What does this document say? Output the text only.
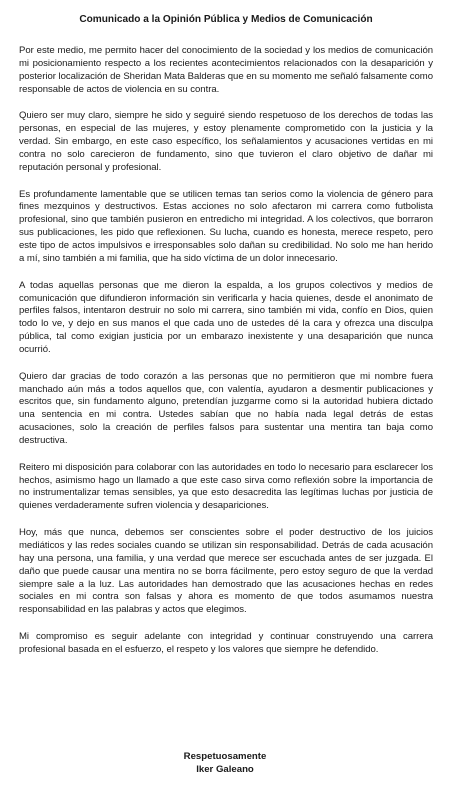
Comunicado a la Opinión Pública y Medios de Comunicación

Por este medio, me permito hacer del conocimiento de la sociedad y los medios de comunicación mi posicionamiento respecto a los recientes acontecimientos relacionados con la desaparición y posterior localización de Sheridan Mata Balderas que en su momento me señaló falsamente como responsable de actos de violencia en su contra.

Quiero ser muy claro, siempre he sido y seguiré siendo respetuoso de los derechos de todas las personas, en especial de las mujeres, y estoy plenamente comprometido con la justicia y la verdad. Sin embargo, en este caso específico, los señalamientos y acusaciones vertidas en mi contra no solo carecieron de fundamento, sino que tuvieron el claro objetivo de dañar mi reputación personal y profesional.

Es profundamente lamentable que se utilicen temas tan serios como la violencia de género para fines mezquinos y destructivos. Estas acciones no solo afectaron mi carrera como futbolista profesional, sino que también pusieron en entredicho mi integridad. A los colectivos, que borraron sus publicaciones, les pido que reflexionen. Su lucha, cuando es honesta, merece respeto, pero este tipo de actos impulsivos e irresponsables solo dañan su credibilidad. No solo me han herido a mí, sino también a mi familia, que ha sido víctima de un dolor innecesario.

A todas aquellas personas que me dieron la espalda, a los grupos colectivos y medios de comunicación que difundieron información sin verificarla y hacia quienes, desde el anonimato de perfiles falsos, intentaron destruir no solo mi carrera, sino también mi vida, confío en Dios, quien todo lo ve, y dejo en sus manos el que cada uno de ustedes dé la cara y ofrezca una disculpa pública, tal como exigian justicia por un embarazo inexistente y una desaparición que nunca ocurrió.

Quiero dar gracias de todo corazón a las personas que no permitieron que mi nombre fuera manchado aún más a todos aquellos que, con valentía, ayudaron a desmentir publicaciones y escritos que, sin fundamento alguno, pretendían juzgarme como si la autoridad hubiera dictado una sentencia en mi contra. Ustedes sabían que no había nada legal detrás de estas acusaciones, solo la creación de perfiles falsos para sustentar una mentira tan baja como destructiva.

Reitero mi disposición para colaborar con las autoridades en todo lo necesario para esclarecer los hechos, asimismo hago un llamado a que este caso sirva como reflexión sobre la importancia de no instrumentalizar temas sensibles, ya que esto desacredita las legítimas luchas por justicia de quienes verdaderamente sufren violencia y desapariciones.

Hoy, más que nunca, debemos ser conscientes sobre el poder destructivo de los juicios mediáticos y las redes sociales cuando se utilizan sin responsabilidad. Detrás de cada acusación hay una persona, una familia, y una verdad que merece ser escuchada antes de ser juzgada. El daño que puede causar una mentira no se borra fácilmente, pero estoy seguro de que la verdad siempre sale a la luz. Las autoridades han demostrado que las acusaciones hechas en redes sociales en mi contra son falsas y ahora es momento de que todos asumamos nuestra responsabilidad en las palabras y actos que elegimos.

Mi compromiso es seguir adelante con integridad y continuar construyendo una carrera profesional basada en el esfuerzo, el respeto y los valores que siempre he defendido.

Respetuosamente
Iker Galeano
